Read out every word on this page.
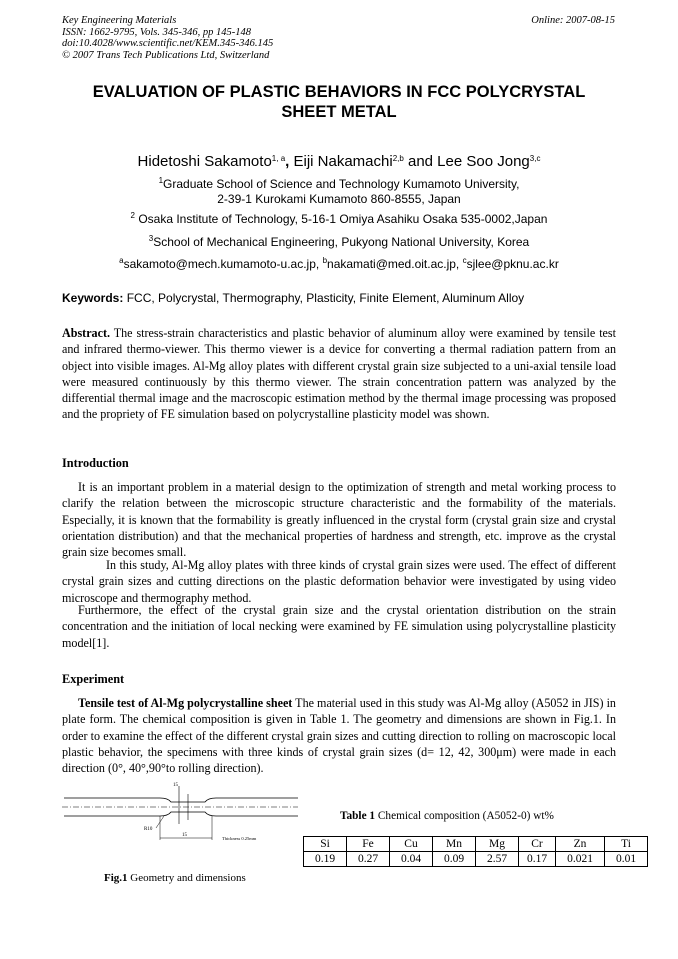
Key Engineering Materials
ISSN: 1662-9795, Vols. 345-346, pp 145-148
doi:10.4028/www.scientific.net/KEM.345-346.145
© 2007 Trans Tech Publications Ltd, Switzerland
Online: 2007-08-15
EVALUATION OF PLASTIC BEHAVIORS IN FCC POLYCRYSTAL
SHEET METAL
Hidetoshi Sakamoto$^{1, a}$, Eiji Nakamachi$^{2,b}$ and Lee Soo Jong$^{3,c}$
$^1$Graduate School of Science and Technology Kumamoto University,
2-39-1 Kurokami Kumamoto 860-8555, Japan
$^2$ Osaka Institute of Technology, 5-16-1 Omiya Asahiku Osaka 535-0002,Japan
$^3$School of Mechanical Engineering, Pukyong National University, Korea
$^a$sakamoto@mech.kumamoto-u.ac.jp, $^b$nakamati@med.oit.ac.jp, $^c$sjlee@pknu.ac.kr
Keywords: FCC, Polycrystal, Thermography, Plasticity, Finite Element, Aluminum Alloy
Abstract. The stress-strain characteristics and plastic behavior of aluminum alloy were examined by tensile test and infrared thermo-viewer. This thermo viewer is a device for converting a thermal radiation pattern from an object into visible images. Al-Mg alloy plates with different crystal grain size subjected to a uni-axial tensile load were measured continuously by this thermo viewer. The strain concentration pattern was analyzed by the differential thermal image and the macroscopic estimation method by the thermal image processing was proposed and the propriety of FE simulation based on polycrystalline plasticity model was shown.
Introduction
It is an important problem in a material design to the optimization of strength and metal working process to clarify the relation between the microscopic structure characteristic and the formability of the materials. Especially, it is known that the formability is greatly influenced in the crystal form (crystal grain size and crystal orientation distribution) and that the mechanical properties of hardness and strength, etc. improve as the crystal grain size becomes small.
In this study, Al-Mg alloy plates with three kinds of crystal grain sizes were used. The effect of different crystal grain sizes and cutting directions on the plastic deformation behavior were investigated by using video microscope and thermography method.
Furthermore, the effect of the crystal grain size and the crystal orientation distribution on the strain concentration and the initiation of local necking were examined by FE simulation using polycrystalline plasticity model[1].
Experiment
Tensile test of Al-Mg polycrystalline sheet The material used in this study was Al-Mg alloy (A5052 in JIS) in plate form. The chemical composition is given in Table 1. The geometry and dimensions are shown in Fig.1. In order to examine the effect of the different crystal grain sizes and cutting direction to rolling on macroscopic local plastic behavior, the specimens with three kinds of crystal grain sizes (d= 12, 42, 300μm) were made in each direction (0°, 40°,90°to rolling direction).
15
R10
15
Thickness 0.25mm
Fig.1 Geometry and dimensions
Table 1 Chemical composition (A5052-0) wt%
Si	Fe	Cu	Mn	Mg	Cr	Zn	Ti
0.19	0.27	0.04	0.09	2.57	0.17	0.021	0.01
